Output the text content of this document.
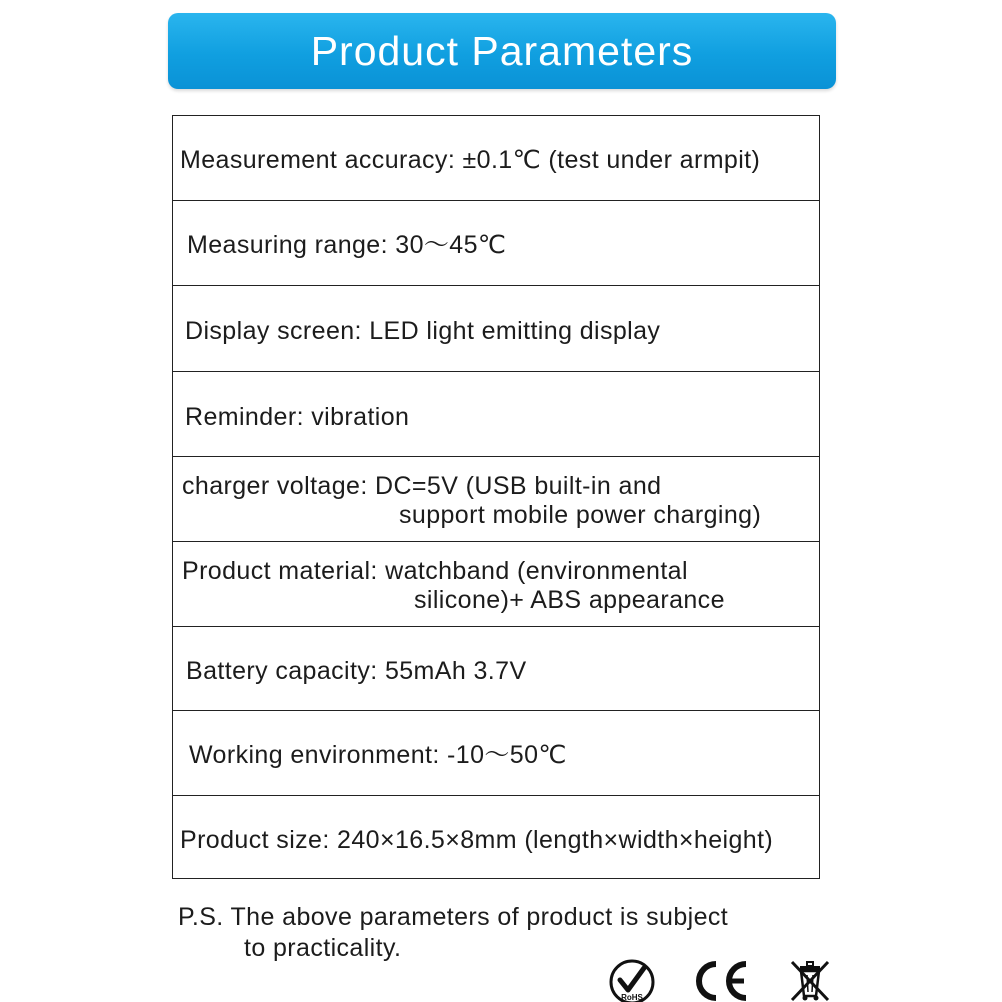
Product Parameters
Measurement accuracy: ±0.1℃ (test under armpit)
Measuring range: 30～45℃
Display screen: LED light emitting display
Reminder: vibration
charger voltage: DC=5V (USB built-in and
support mobile power charging)
Product material: watchband (environmental
silicone)+ ABS appearance
Battery capacity: 55mAh 3.7V
Working environment: -10～50℃
Product size: 240×16.5×8mm (length×width×height)
P.S. The above parameters of product is subject
to practicality.
RoHS
